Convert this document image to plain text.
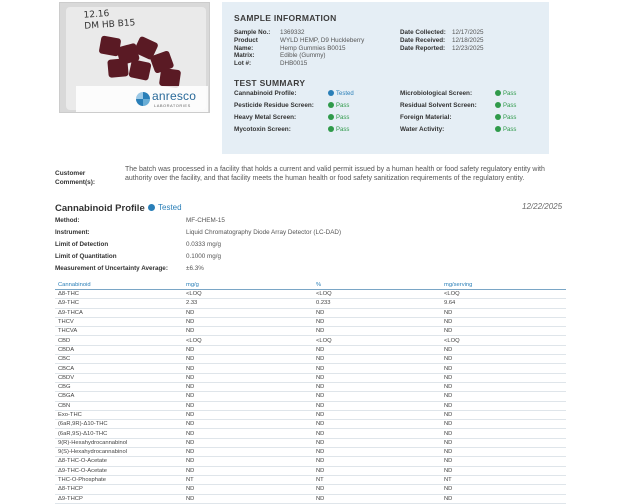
12.16
DM HB B15
anresco
LABORATORIES
SAMPLE INFORMATION
Sample No.: 1369332
Product	WYLD HEMP, D9 Huckleberry
Name:	Hemp Gummies B0015
Matrix:	Edible (Gummy)
Lot #:	DHB0015
Date Collected: 12/17/2025
Date Received: 12/18/2025
Date Reported: 12/23/2025
TEST SUMMARY
Cannabinoid Profile:	Tested
Pesticide Residue Screen:	Pass
Heavy Metal Screen:	Pass
Mycotoxin Screen:	Pass
Microbiological Screen:	Pass
Residual Solvent Screen:	Pass
Foreign Material:	Pass
Water Activity:	Pass
Customer
Comment(s):
The batch was processed in a facility that holds a current and valid permit issued by a human health or food safety regulatory entity with authority over the facility, and that facility meets the human health or food safety sanitization requirements of the regulatory entity.
Cannabinoid Profile	Tested	12/22/2025
Method:	MF-CHEM-15
Instrument:	Liquid Chromatography Diode Array Detector (LC-DAD)
Limit of Detection	0.0333 mg/g
Limit of Quantitation	0.1000 mg/g
Measurement of Uncertainty Average:	±6.3%
Cannabinoid	mg/g	%	mg/serving
Δ8-THC	<LOQ	<LOQ	<LOQ
Δ9-THC	2.33	0.233	9.64
Δ9-THCA	ND	ND	ND
THCV	ND	ND	ND
THCVA	ND	ND	ND
CBD	<LOQ	<LOQ	<LOQ
CBDA	ND	ND	ND
CBC	ND	ND	ND
CBCA	ND	ND	ND
CBDV	ND	ND	ND
CBG	ND	ND	ND
CBGA	ND	ND	ND
CBN	ND	ND	ND
Exo-THC	ND	ND	ND
(6aR,9R)-Δ10-THC	ND	ND	ND
(6aR,9S)-Δ10-THC	ND	ND	ND
9(R)-Hexahydrocannabinol	ND	ND	ND
9(S)-Hexahydrocannabinol	ND	ND	ND
Δ8-THC-O-Acetate	ND	ND	ND
Δ9-THC-O-Acetate	ND	ND	ND
THC-O-Phosphate	NT	NT	NT
Δ8-THCP	ND	ND	ND
Δ9-THCP	ND	ND	ND
